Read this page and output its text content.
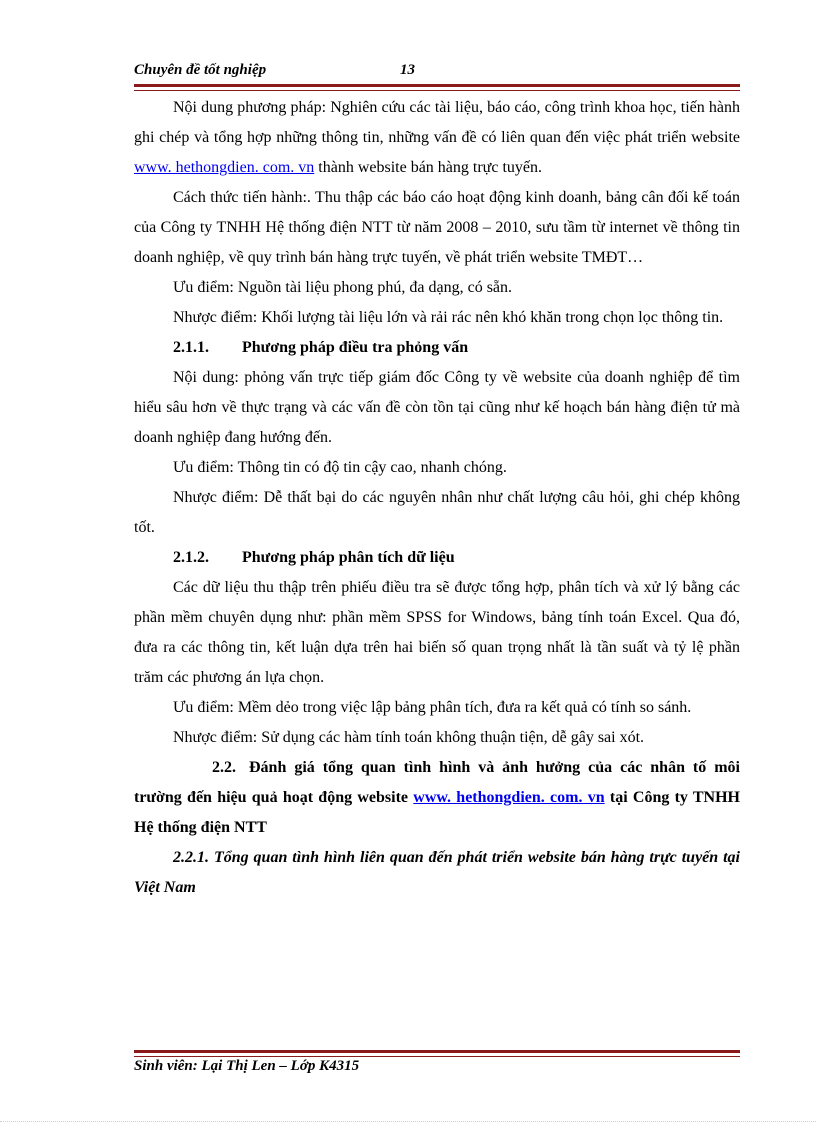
Chuyên đề tốt nghiệp	13

Nội dung phương pháp: Nghiên cứu các tài liệu, báo cáo, công trình khoa học, tiến hành ghi chép và tổng hợp những thông tin, những vấn đề có liên quan đến việc phát triển website www. hethongdien. com. vn thành website bán hàng trực tuyến.

Cách thức tiến hành:. Thu thập các báo cáo hoạt động kinh doanh, bảng cân đối kế toán của Công ty TNHH Hệ thống điện NTT từ năm 2008 – 2010, sưu tầm từ internet về thông tin doanh nghiệp, về quy trình bán hàng trực tuyến, về phát triển website TMĐT…

Ưu điểm: Nguồn tài liệu phong phú, đa dạng, có sẵn.

Nhược điểm: Khối lượng tài liệu lớn và rải rác nên khó khăn trong chọn lọc thông tin.

2.1.1. Phương pháp điều tra phỏng vấn

Nội dung: phỏng vấn trực tiếp giám đốc Công ty về website của doanh nghiệp để tìm hiểu sâu hơn về thực trạng và các vấn đề còn tồn tại cũng như kế hoạch bán hàng điện tử mà doanh nghiệp đang hướng đến.

Ưu điểm: Thông tin có độ tin cậy cao, nhanh chóng.

Nhược điểm: Dễ thất bại do các nguyên nhân như chất lượng câu hỏi, ghi chép không tốt.

2.1.2. Phương pháp phân tích dữ liệu

Các dữ liệu thu thập trên phiếu điều tra sẽ được tổng hợp, phân tích và xử lý bằng các phần mềm chuyên dụng như: phần mềm SPSS for Windows, bảng tính toán Excel. Qua đó, đưa ra các thông tin, kết luận dựa trên hai biến số quan trọng nhất là tần suất và tỷ lệ phần trăm các phương án lựa chọn.

Ưu điểm: Mềm dẻo trong việc lập bảng phân tích, đưa ra kết quả có tính so sánh.

Nhược điểm: Sử dụng các hàm tính toán không thuận tiện, dễ gây sai xót.

2.2. Đánh giá tổng quan tình hình và ảnh hưởng của các nhân tố môi trường đến hiệu quả hoạt động website www. hethongdien. com. vn tại Công ty TNHH Hệ thống điện NTT

2.2.1. Tổng quan tình hình liên quan đến phát triển website bán hàng trực tuyến tại Việt Nam

Sinh viên: Lại Thị Len – Lớp K4315
